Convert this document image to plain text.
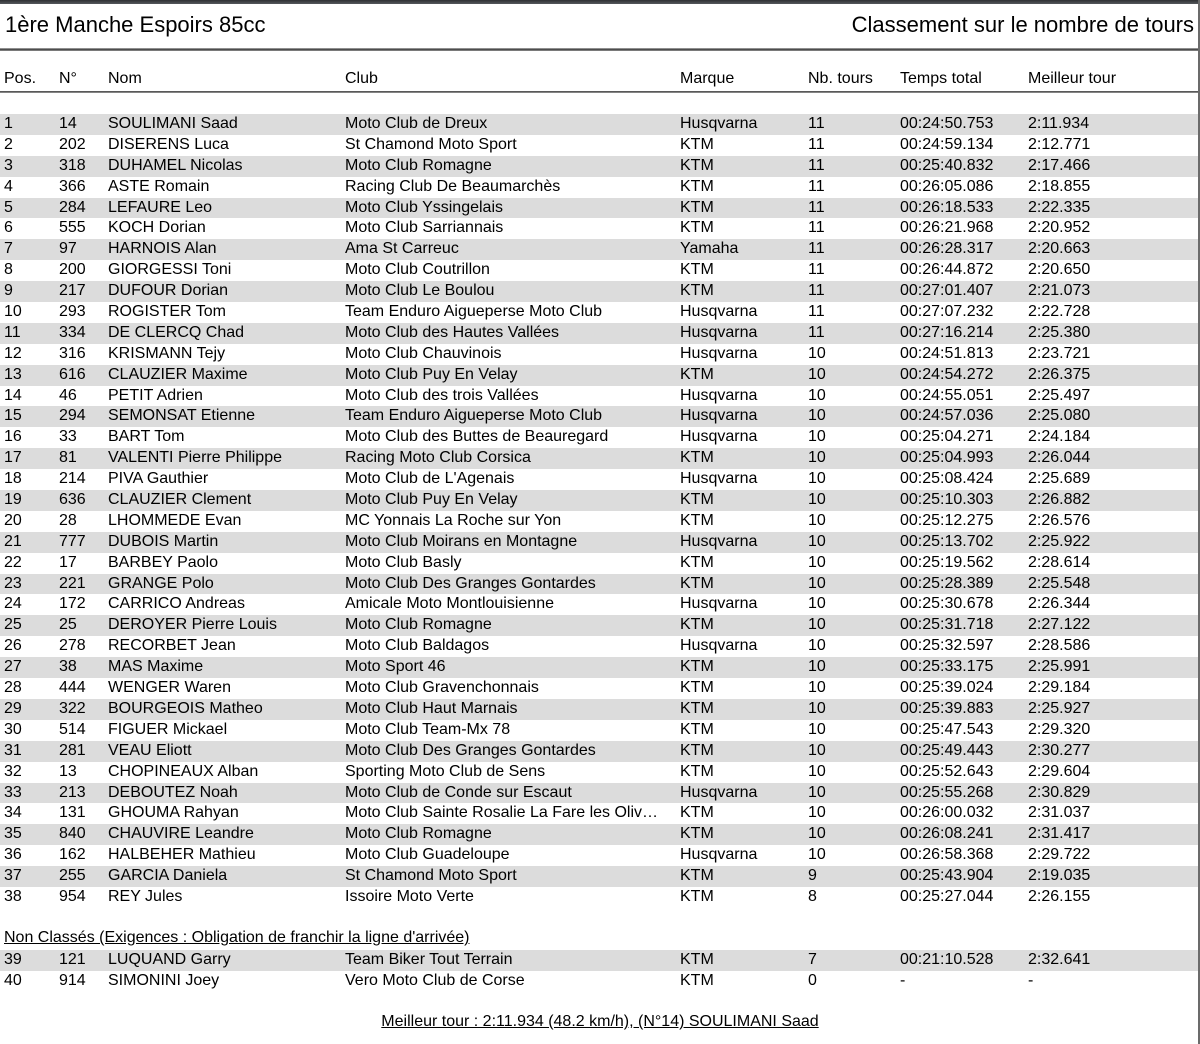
1ère Manche Espoirs 85cc	Classement sur le nombre de tours
Pos. N° Nom	Club	Marque	Nb. tours Temps total	Meilleur tour
1	14 SOULIMANI Saad	Moto Club de Dreux	Husqvarna	11	00:24:50.753 2:11.934
2	202 DISERENS Luca	St Chamond Moto Sport	KTM	11	00:24:59.134 2:12.771
3	318 DUHAMEL Nicolas	Moto Club Romagne	KTM	11	00:25:40.832 2:17.466
4	366 ASTE Romain	Racing Club De Beaumarchès	KTM	11	00:26:05.086 2:18.855
5	284 LEFAURE Leo	Moto Club Yssingelais	KTM	11	00:26:18.533 2:22.335
6	555 KOCH Dorian	Moto Club Sarriannais	KTM	11	00:26:21.968 2:20.952
7	97 HARNOIS Alan	Ama St Carreuc	Yamaha	11	00:26:28.317 2:20.663
8	200 GIORGESSI Toni	Moto Club Coutrillon	KTM	11	00:26:44.872 2:20.650
9	217 DUFOUR Dorian	Moto Club Le Boulou	KTM	11	00:27:01.407 2:21.073
10 293 ROGISTER Tom	Team Enduro Aigueperse Moto Club	Husqvarna	11	00:27:07.232 2:22.728
11 334 DE CLERCQ Chad	Moto Club des Hautes Vallées	Husqvarna	11	00:27:16.214 2:25.380
12 316 KRISMANN Tejy	Moto Club Chauvinois	Husqvarna	10	00:24:51.813 2:23.721
13 616 CLAUZIER Maxime	Moto Club Puy En Velay	KTM	10	00:24:54.272 2:26.375
14 46 PETIT Adrien	Moto Club des trois Vallées	Husqvarna	10	00:24:55.051 2:25.497
15 294 SEMONSAT Etienne	Team Enduro Aigueperse Moto Club	Husqvarna	10	00:24:57.036 2:25.080
16 33 BART Tom	Moto Club des Buttes de Beauregard	Husqvarna	10	00:25:04.271 2:24.184
17 81 VALENTI Pierre Philippe	Racing Moto Club Corsica	KTM	10	00:25:04.993 2:26.044
18 214 PIVA Gauthier	Moto Club de L'Agenais	Husqvarna	10	00:25:08.424 2:25.689
19 636 CLAUZIER Clement	Moto Club Puy En Velay	KTM	10	00:25:10.303 2:26.882
20 28 LHOMMEDE Evan	MC Yonnais La Roche sur Yon	KTM	10	00:25:12.275 2:26.576
21 777 DUBOIS Martin	Moto Club Moirans en Montagne	Husqvarna	10	00:25:13.702 2:25.922
22 17 BARBEY Paolo	Moto Club Basly	KTM	10	00:25:19.562 2:28.614
23 221 GRANGE Polo	Moto Club Des Granges Gontardes	KTM	10	00:25:28.389 2:25.548
24 172 CARRICO Andreas	Amicale Moto Montlouisienne	Husqvarna	10	00:25:30.678 2:26.344
25 25 DEROYER Pierre Louis	Moto Club Romagne	KTM	10	00:25:31.718 2:27.122
26 278 RECORBET Jean	Moto Club Baldagos	Husqvarna	10	00:25:32.597 2:28.586
27 38 MAS Maxime	Moto Sport 46	KTM	10	00:25:33.175 2:25.991
28 444 WENGER Waren	Moto Club Gravenchonnais	KTM	10	00:25:39.024 2:29.184
29 322 BOURGEOIS Matheo	Moto Club Haut Marnais	KTM	10	00:25:39.883 2:25.927
30 514 FIGUER Mickael	Moto Club Team-Mx 78	KTM	10	00:25:47.543 2:29.320
31 281 VEAU Eliott	Moto Club Des Granges Gontardes	KTM	10	00:25:49.443 2:30.277
32 13 CHOPINEAUX Alban	Sporting Moto Club de Sens	KTM	10	00:25:52.643 2:29.604
33 213 DEBOUTEZ Noah	Moto Club de Conde sur Escaut	Husqvarna	10	00:25:55.268 2:30.829
34 131 GHOUMA Rahyan	Moto Club Sainte Rosalie La Fare les Oliv…	KTM	10	00:26:00.032 2:31.037
35 840 CHAUVIRE Leandre	Moto Club Romagne	KTM	10	00:26:08.241 2:31.417
36 162 HALBEHER Mathieu	Moto Club Guadeloupe	Husqvarna	10	00:26:58.368 2:29.722
37 255 GARCIA Daniela	St Chamond Moto Sport	KTM	9	00:25:43.904 2:19.035
38 954 REY Jules	Issoire Moto Verte	KTM	8	00:25:27.044 2:26.155
Non Classés (Exigences : Obligation de franchir la ligne d'arrivée)
39 121 LUQUAND Garry	Team Biker Tout Terrain	KTM	7	00:21:10.528 2:32.641
40 914 SIMONINI Joey	Vero Moto Club de Corse	KTM	0	-	-
Meilleur tour : 2:11.934 (48.2 km/h), (N°14) SOULIMANI Saad
